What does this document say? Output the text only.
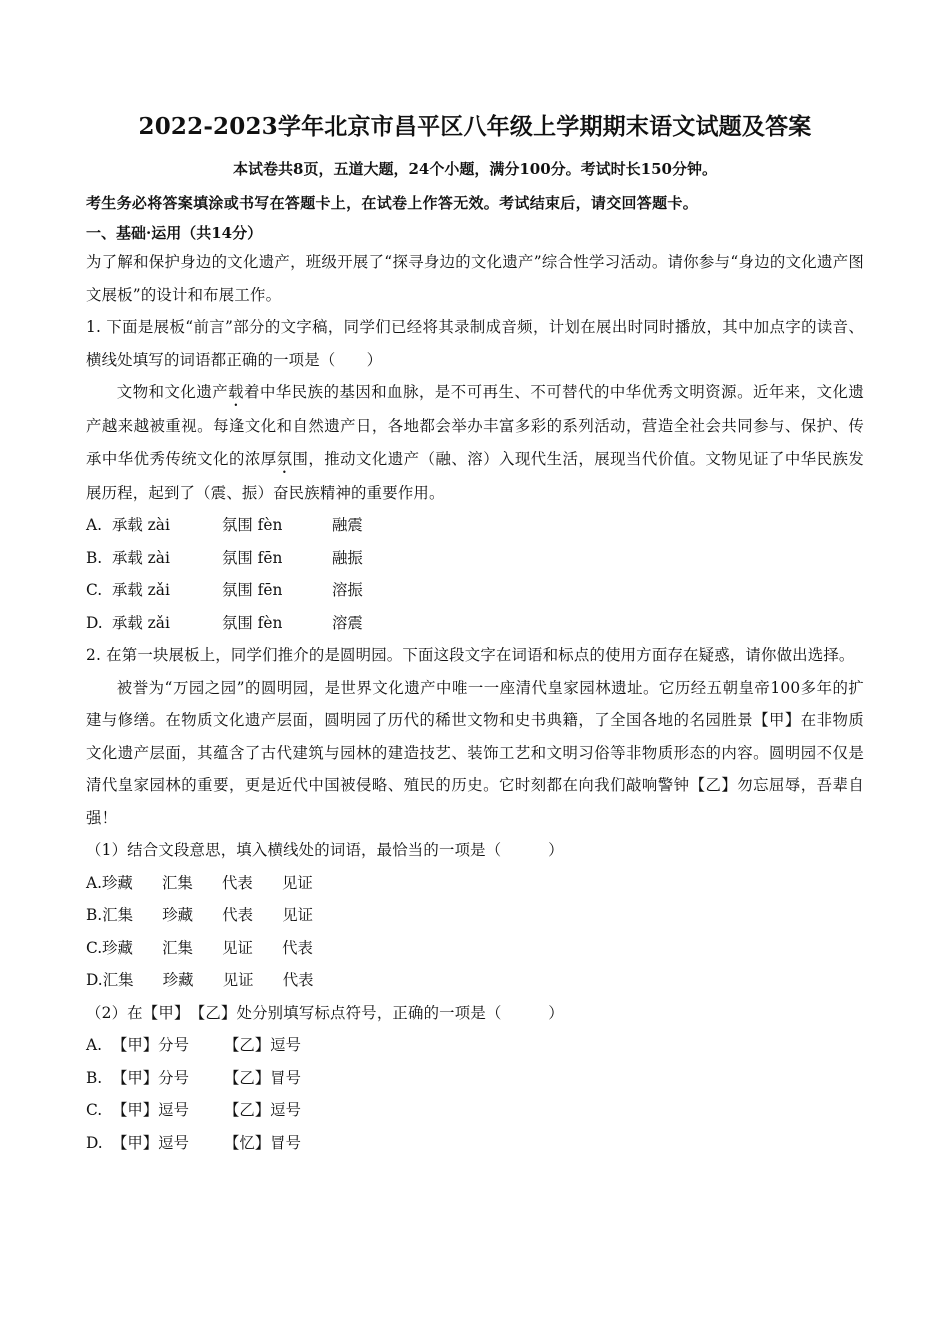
2022-2023学年北京市昌平区八年级上学期期末语文试题及答案

本试卷共8页，五道大题，24个小题，满分100分。考试时长150分钟。

考生务必将答案填涂或书写在答题卡上，在试卷上作答无效。考试结束后，请交回答题卡。

一、基础·运用（共14分）

为了解和保护身边的文化遗产，班级开展了“探寻身边的文化遗产”综合性学习活动。请你参与“身边的文化遗产图文展板”的设计和布展工作。

1. 下面是展板“前言”部分的文字稿，同学们已经将其录制成音频，计划在展出时同时播放，其中加点字的读音、横线处填写的词语都正确的一项是（　　）

文物和文化遗产载着中华民族的基因和血脉，是不可再生、不可替代的中华优秀文明资源。近年来，文化遗产越来越被重视。每逢文化和自然遗产日，各地都会举办丰富多彩的系列活动，营造全社会共同参与、保护、传承中华优秀传统文化的浓厚氛围，推动文化遗产（融、溶）入现代生活，展现当代价值。文物见证了中华民族发展历程，起到了（震、振）奋民族精神的重要作用。

A. 承载 zài	氛围 fèn	融震

B. 承载 zài	氛围 fēn	融振

C. 承载 zǎi	氛围 fēn	溶振

D. 承载 zǎi	氛围 fèn	溶震

2. 在第一块展板上，同学们推介的是圆明园。下面这段文字在词语和标点的使用方面存在疑惑，请你做出选择。

被誉为“万园之园”的圆明园，是世界文化遗产中唯一一座清代皇家园林遗址。它历经五朝皇帝100多年的扩建与修缮。在物质文化遗产层面，圆明园了历代的稀世文物和史书典籍，了全国各地的名园胜景【甲】在非物质文化遗产层面，其蕴含了古代建筑与园林的建造技艺、装饰工艺和文明习俗等非物质形态的内容。圆明园不仅是清代皇家园林的重要，更是近代中国被侵略、殖民的历史。它时刻都在向我们敲响警钟【乙】勿忘屈辱，吾辈自强！

（1）结合文段意思，填入横线处的词语，最恰当的一项是（　　　）

A.珍藏 汇集 代表 见证

B.汇集 珍藏 代表 见证

C.珍藏 汇集 见证 代表

D.汇集 珍藏 见证 代表

（2）在【甲】　【乙】处分别填写标点符号，正确的一项是（　　　）

A. 【甲】分号 【乙】逗号

B. 【甲】分号 【乙】冒号

C. 【甲】逗号 【乙】逗号

D. 【甲】逗号 【忆】冒号
